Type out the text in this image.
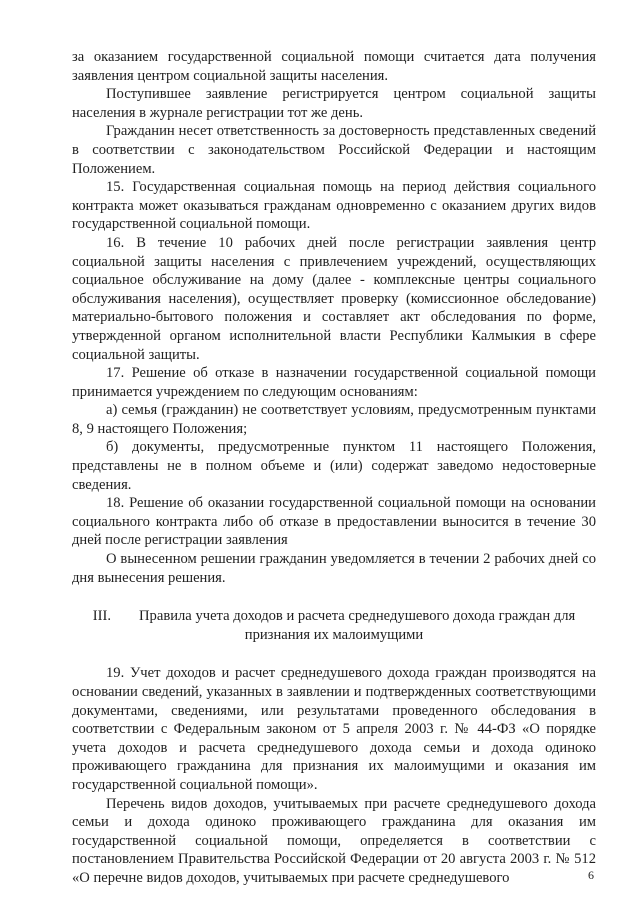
за оказанием государственной социальной помощи считается дата получения заявления центром социальной защиты населения.

Поступившее заявление регистрируется центром социальной защиты населения в журнале регистрации тот же день.

Гражданин несет ответственность за достоверность представленных сведений в соответствии с законодательством Российской Федерации и настоящим Положением.

15. Государственная социальная помощь на период действия социального контракта может оказываться гражданам одновременно с оказанием других видов государственной социальной помощи.

16. В течение 10 рабочих дней после регистрации заявления центр социальной защиты населения с привлечением учреждений, осуществляющих социальное обслуживание на дому (далее - комплексные центры социального обслуживания населения), осуществляет проверку (комиссионное обследование) материально-бытового положения и составляет акт обследования по форме, утвержденной органом исполнительной власти Республики Калмыкия в сфере социальной защиты.

17. Решение об отказе в назначении государственной социальной помощи принимается учреждением по следующим основаниям:

а) семья (гражданин) не соответствует условиям, предусмотренным пунктами 8, 9 настоящего Положения;

б) документы, предусмотренные пунктом 11 настоящего Положения, представлены не в полном объеме и (или) содержат заведомо недостоверные сведения.

18. Решение об оказании государственной социальной помощи на основании социального контракта либо об отказе в предоставлении выносится в течение 30 дней после регистрации заявления

О вынесенном решении гражданин уведомляется в течении 2 рабочих дней со дня вынесения решения.

III. Правила учета доходов и расчета среднедушевого дохода граждан для признания их малоимущими

19. Учет доходов и расчет среднедушевого дохода граждан производятся на основании сведений, указанных в заявлении и подтвержденных соответствующими документами, сведениями, или результатами проведенного обследования в соответствии с Федеральным законом от 5 апреля 2003 г. № 44-ФЗ «О порядке учета доходов и расчета среднедушевого дохода семьи и дохода одиноко проживающего гражданина для признания их малоимущими и оказания им государственной социальной помощи».

Перечень видов доходов, учитываемых при расчете среднедушевого дохода семьи и дохода одиноко проживающего гражданина для оказания им государственной социальной помощи, определяется в соответствии с постановлением Правительства Российской Федерации от 20 августа 2003 г. № 512 «О перечне видов доходов, учитываемых при расчете среднедушевого	6
